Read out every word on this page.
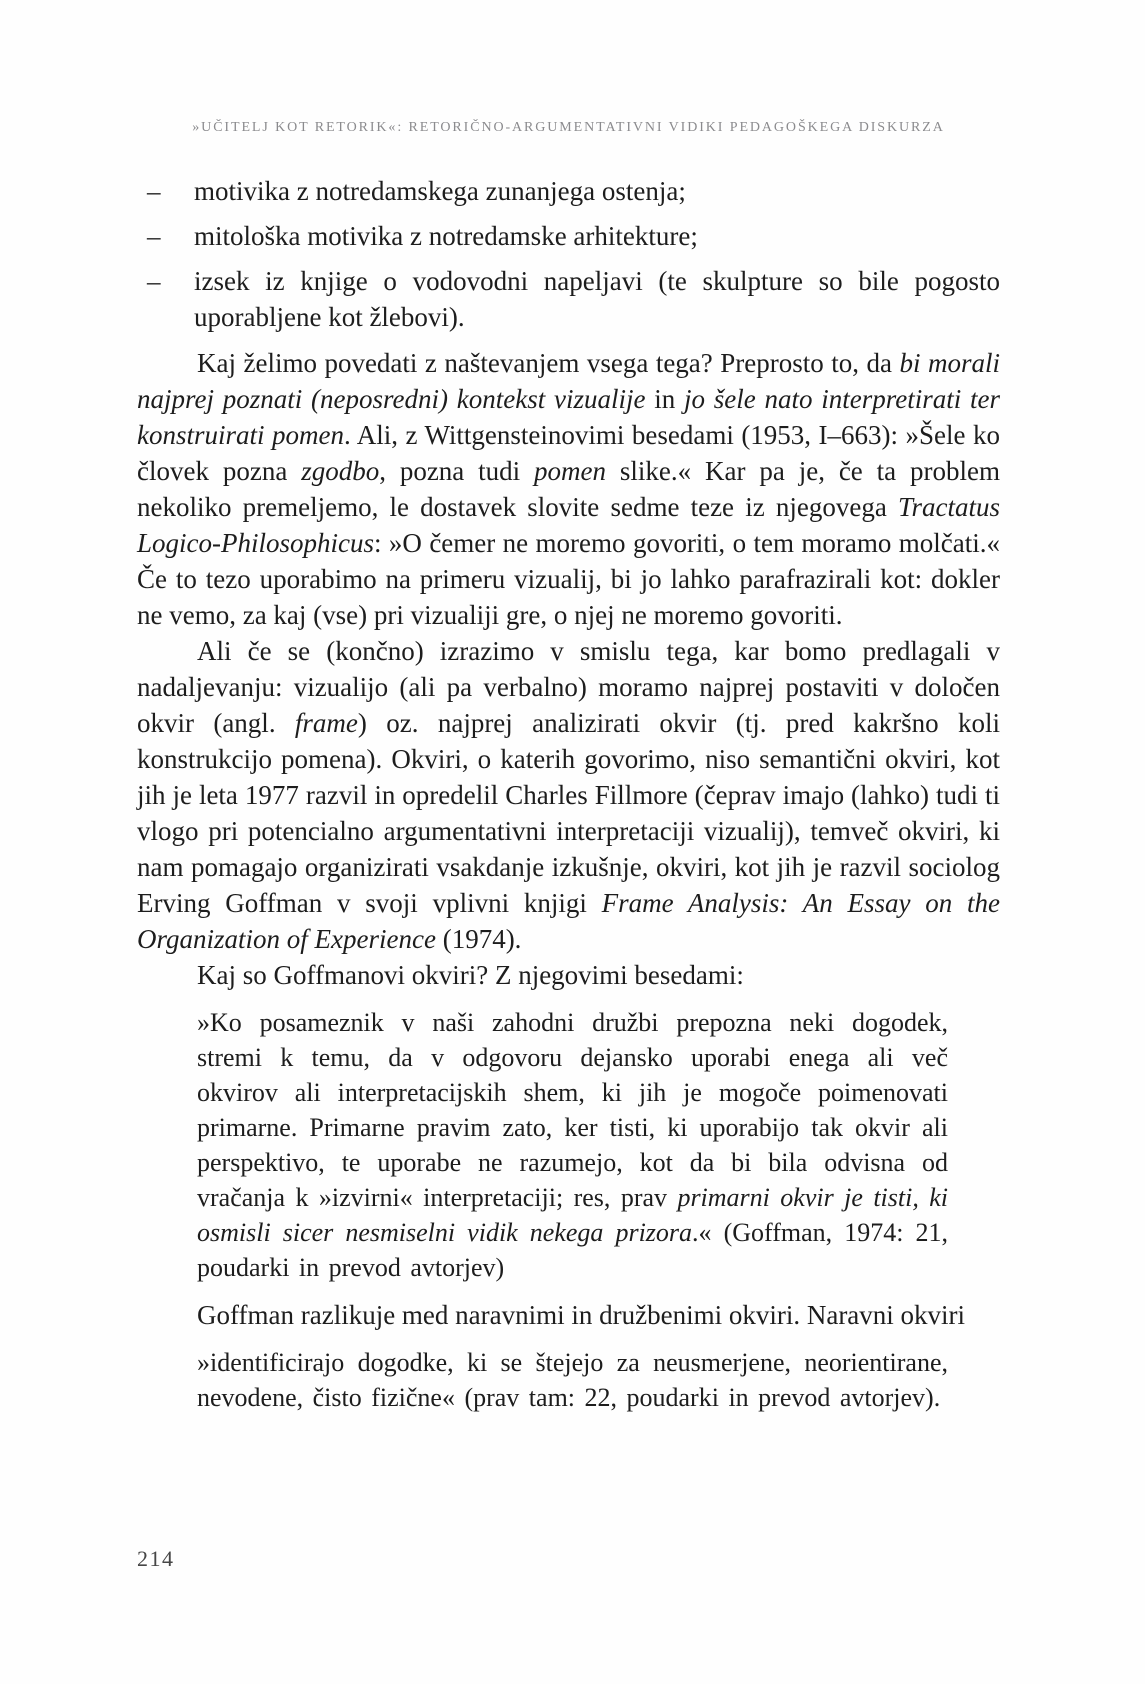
»UČITELJ KOT RETORIK«: RETORIČNO-ARGUMENTATIVNI VIDIKI PEDAGOŠKEGA DISKURZA
– motivika z notredamskega zunanjega ostenja;
– mitološka motivika z notredamske arhitekture;
– izsek iz knjige o vodovodni napeljavi (te skulpture so bile pogosto uporabljene kot žlebovi).

Kaj želimo povedati z naštevanjem vsega tega? Preprosto to, da bi morali najprej poznati (neposredni) kontekst vizualije in jo šele nato interpretirati ter konstruirati pomen. Ali, z Wittgensteinovimi besedami (1953, I–663): »Šele ko človek pozna zgodbo, pozna tudi pomen slike.« Kar pa je, če ta problem nekoliko premeljemo, le dostavek slovite sedme teze iz njegovega Tractatus Logico-Philosophicus: »O čemer ne moremo govoriti, o tem moramo molčati.« Če to tezo uporabimo na primeru vizualij, bi jo lahko parafrazirali kot: dokler ne vemo, za kaj (vse) pri vizualiji gre, o njej ne moremo govoriti.

Ali če se (končno) izrazimo v smislu tega, kar bomo predlagali v nadaljevanju: vizualijo (ali pa verbalno) moramo najprej postaviti v določen okvir (angl. frame) oz. najprej analizirati okvir (tj. pred kakršno koli konstrukcijo pomena). Okviri, o katerih govorimo, niso semantični okviri, kot jih je leta 1977 razvil in opredelil Charles Fillmore (čeprav imajo (lahko) tudi ti vlogo pri potencialno argumentativni interpretaciji vizualij), temveč okviri, ki nam pomagajo organizirati vsakdanje izkušnje, okviri, kot jih je razvil sociolog Erving Goffman v svoji vplivni knjigi Frame Analysis: An Essay on the Organization of Experience (1974).

Kaj so Goffmanovi okviri? Z njegovimi besedami:

»Ko posameznik v naši zahodni družbi prepozna neki dogodek, stremi k temu, da v odgovoru dejansko uporabi enega ali več okvirov ali interpretacijskih shem, ki jih je mogoče poimenovati primarne. Primarne pravim zato, ker tisti, ki uporabijo tak okvir ali perspektivo, te uporabe ne razumejo, kot da bi bila odvisna od vračanja k »izvirni« interpretaciji; res, prav primarni okvir je tisti, ki osmisli sicer nesmiselni vidik nekega prizora.« (Goffman, 1974: 21, poudarki in prevod avtorjev)

Goffman razlikuje med naravnimi in družbenimi okviri. Naravni okviri

»identificirajo dogodke, ki se štejejo za neusmerjene, neorientirane, nevodene, čisto fizične« (prav tam: 22, poudarki in prevod avtorjev).
214
